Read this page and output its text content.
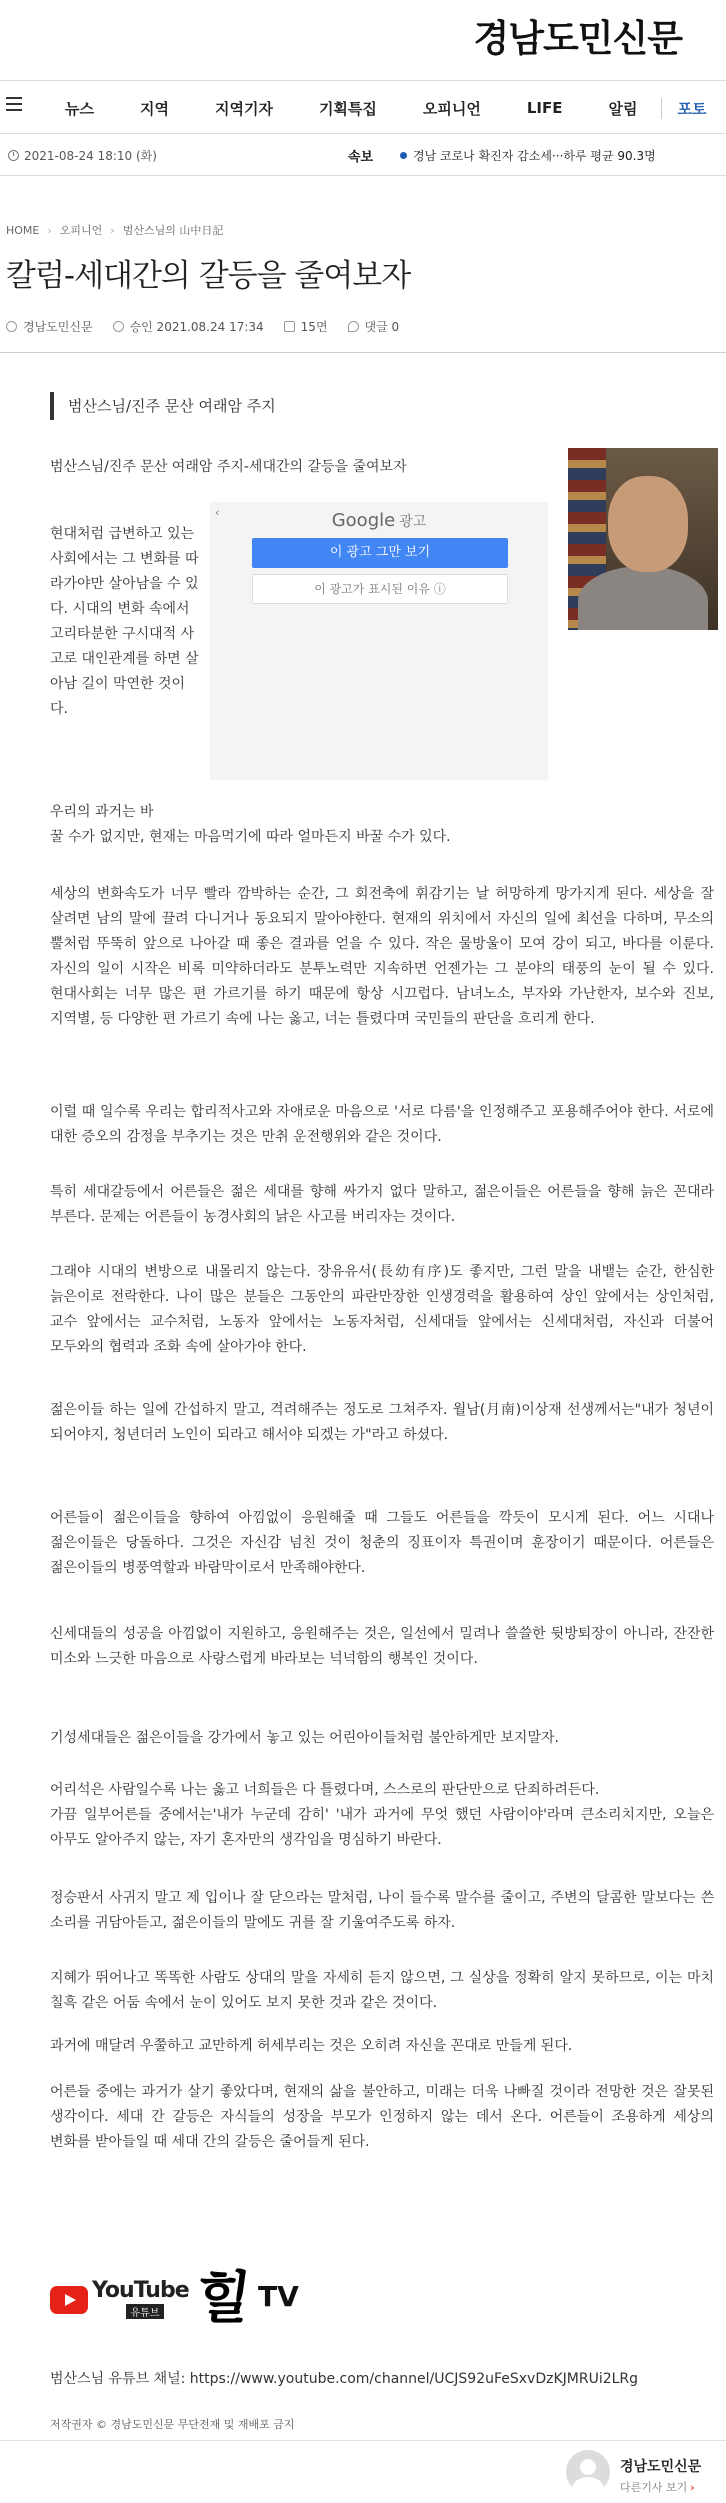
경남도민신문
뉴스	지역	지역기자	기획특집	오피니언	LIFE	알림	포토
2021-08-24 18:10 (화)	속보	경남 코로나 확진자 감소세···하루 평균 90.3명
HOME › 오피니언 › 범산스님의 山中日記
칼럼-세대간의 갈등을 줄여보자
경남도민신문	승인 2021.08.24 17:34	15면	댓글 0
범산스님/진주 문산 여래암 주지
범산스님/진주 문산 여래암 주지-세대간의 갈등을 줄여보자
현대처럼 급변하고 있는 사회에서는 그 변화를 따라가야만 살아남을 수 있다. 시대의 변화 속에서 고리타분한 구시대적 사고로 대인관계를 하면 살아남 길이 막연한 것이다.
‹	Google 광고
이 광고 그만 보기
이 광고가 표시된 이유 ⓘ
우리의 과거는 바
꿀 수가 없지만, 현재는 마음먹기에 따라 얼마든지 바꿀 수가 있다.
세상의 변화속도가 너무 빨라 깜박하는 순간, 그 회전축에 휘감기는 날 허망하게 망가지게 된다. 세상을 잘 살려면 남의 말에 끌려 다니거나 동요되지 말아야한다. 현재의 위치에서 자신의 일에 최선을 다하며, 무소의 뿔처럼 뚜뚝히 앞으로 나아갈 때 좋은 결과를 얻을 수 있다. 작은 물방울이 모여 강이 되고, 바다를 이룬다. 자신의 일이 시작은 비록 미약하더라도 분투노력만 지속하면 언젠가는 그 분야의 태풍의 눈이 될 수 있다. 현대사회는 너무 많은 편 가르기를 하기 때문에 항상 시끄럽다. 남녀노소, 부자와 가난한자, 보수와 진보, 지역별, 등 다양한 편 가르기 속에 나는 옳고, 너는 틀렸다며 국민들의 판단을 흐리게 한다.
이럴 때 일수록 우리는 합리적사고와 자애로운 마음으로 '서로 다름'을 인정해주고 포용해주어야 한다. 서로에 대한 증오의 감정을 부추기는 것은 만취 운전행위와 같은 것이다.
특히 세대갈등에서 어른들은 젊은 세대를 향해 싸가지 없다 말하고, 젊은이들은 어른들을 향해 늙은 꼰대라 부른다. 문제는 어른들이 농경사회의 낡은 사고를 버리자는 것이다.
그래야 시대의 변방으로 내몰리지 않는다. 장유유서(長幼有序)도 좋지만, 그런 말을 내뱉는 순간, 한심한 늙은이로 전락한다. 나이 많은 분들은 그동안의 파란만장한 인생경력을 활용하여 상인 앞에서는 상인처럼, 교수 앞에서는 교수처럼, 노동자 앞에서는 노동자처럼, 신세대들 앞에서는 신세대처럼, 자신과 더불어 모두와의 협력과 조화 속에 살아가야 한다.
젊은이들 하는 일에 간섭하지 말고, 격려해주는 정도로 그쳐주자. 월남(月南)이상재 선생께서는"내가 청년이 되어야지, 청년더러 노인이 되라고 해서야 되겠는 가"라고 하셨다.
어른들이 젊은이들을 향하여 아낌없이 응원해줄 때 그들도 어른들을 깍듯이 모시게 된다. 어느 시대나 젊은이들은 당돌하다. 그것은 자신감 넘친 것이 청춘의 징표이자 특권이며 훈장이기 때문이다. 어른들은 젊은이들의 병풍역할과 바람막이로서 만족해야한다.
신세대들의 성공을 아낌없이 지원하고, 응원해주는 것은, 일선에서 밀려나 쓸쓸한 뒷방퇴장이 아니라, 잔잔한 미소와 느긋한 마음으로 사랑스럽게 바라보는 넉넉함의 행복인 것이다.
기성세대들은 젊은이들을 강가에서 놓고 있는 어린아이들처럼 불안하게만 보지말자.
어리석은 사람일수록 나는 옳고 너희들은 다 틀렸다며, 스스로의 판단만으로 단죄하려든다.
가끔 일부어른들 중에서는'내가 누군데 감히' '내가 과거에 무엇 했던 사람이야'라며 큰소리치지만, 오늘은 아무도 알아주지 않는, 자기 혼자만의 생각임을 명심하기 바란다.
정승판서 사귀지 말고 제 입이나 잘 닫으라는 말처럼, 나이 들수록 말수를 줄이고, 주변의 달콤한 말보다는 쓴 소리를 귀담아듣고, 젊은이들의 말에도 귀를 잘 기울여주도록 하자.
지혜가 뛰어나고 똑똑한 사람도 상대의 말을 자세히 듣지 않으면, 그 실상을 정확히 알지 못하므로, 이는 마치 칠흑 같은 어둠 속에서 눈이 있어도 보지 못한 것과 같은 것이다.
과거에 매달려 우쭐하고 교만하게 허세부리는 것은 오히려 자신을 꼰대로 만들게 된다.
어른들 중에는 과거가 살기 좋았다며, 현재의 삶을 불안하고, 미래는 더욱 나빠질 것이라 전망한 것은 잘못된 생각이다. 세대 간 갈등은 자식들의 성장을 부모가 인정하지 않는 데서 온다. 어른들이 조용하게 세상의 변화를 받아들일 때 세대 간의 갈등은 줄어들게 된다.
YouTube
유튜브 힐 TV
범산스님 유튜브 채널: https://www.youtube.com/channel/UCJS92uFeSxvDzKJMRUi2LRg
저작권자 © 경남도민신문 무단전재 및 재배포 금지
경남도민신문
다른기사 보기 ›
